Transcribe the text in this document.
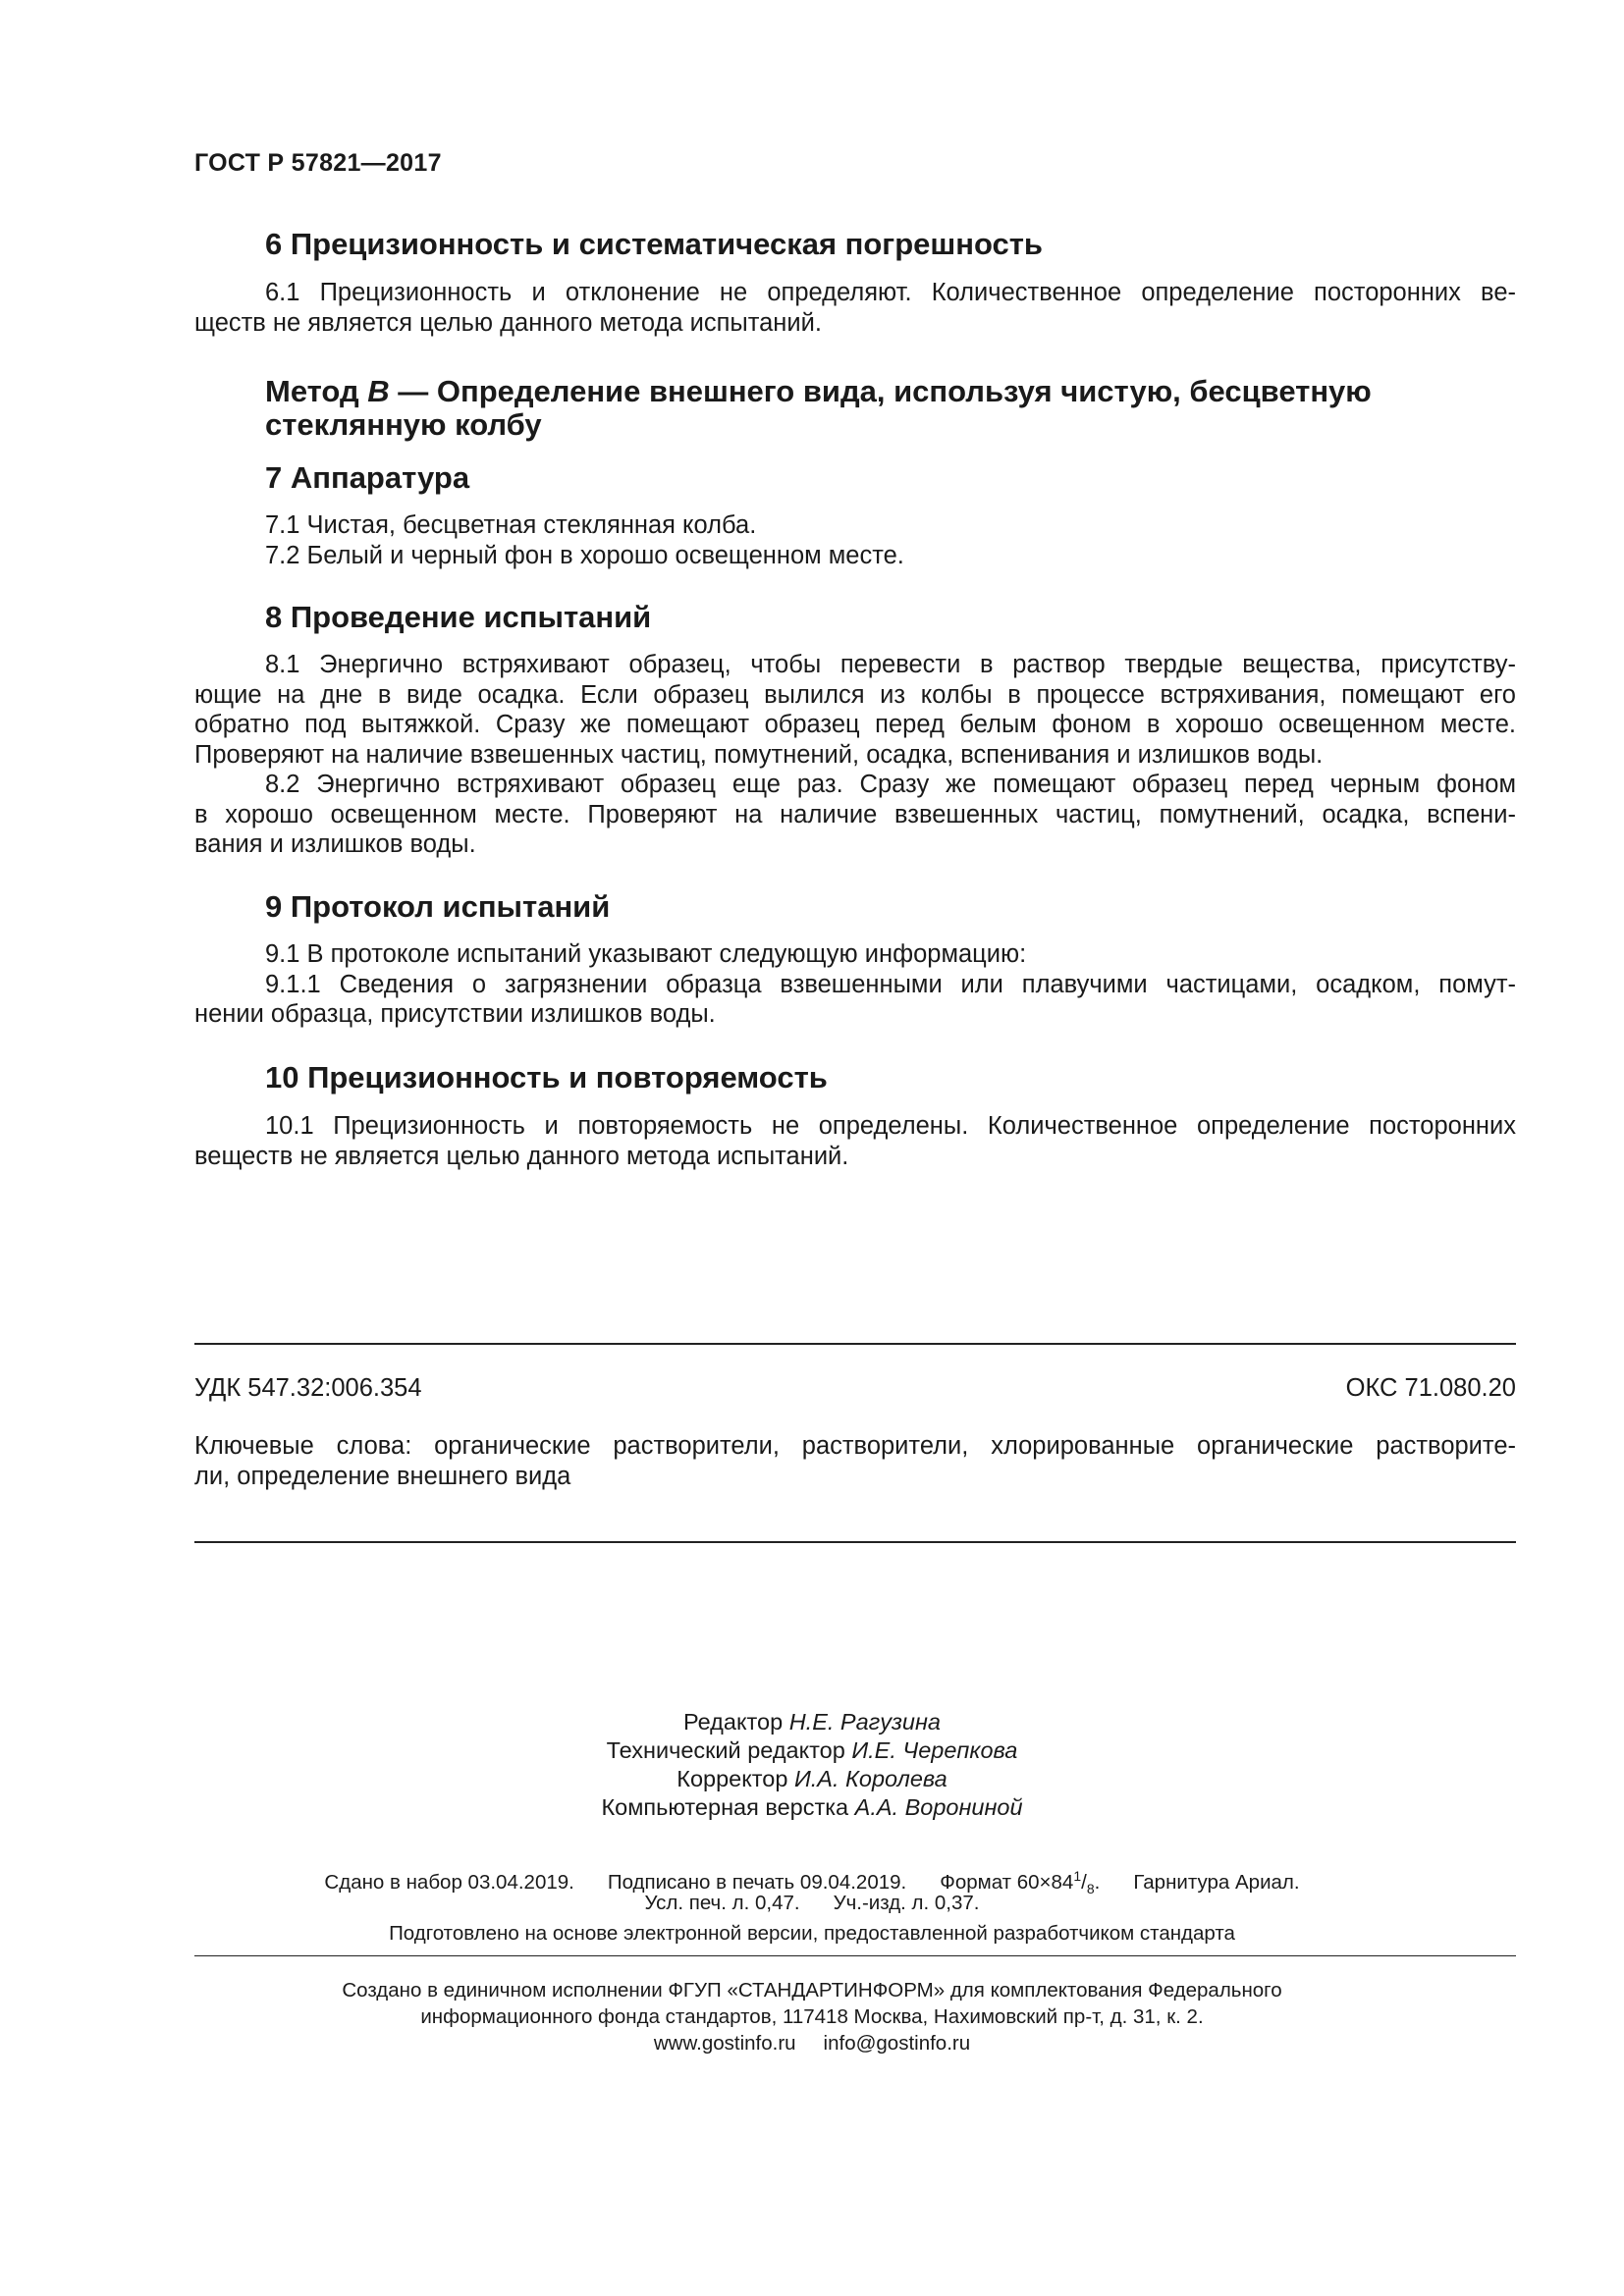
ГОСТ Р 57821—2017
6 Прецизионность и систематическая погрешность
6.1 Прецизионность и отклонение не определяют. Количественное определение посторонних ве-
ществ не является целью данного метода испытаний.
Метод B — Определение внешнего вида, используя чистую, бесцветную
стеклянную колбу
7 Аппаратура
7.1 Чистая, бесцветная стеклянная колба.
7.2 Белый и черный фон в хорошо освещенном месте.
8 Проведение испытаний
8.1 Энергично встряхивают образец, чтобы перевести в раствор твердые вещества, присутству-
ющие на дне в виде осадка. Если образец вылился из колбы в процессе встряхивания, помещают его
обратно под вытяжкой. Сразу же помещают образец перед белым фоном в хорошо освещенном месте.
Проверяют на наличие взвешенных частиц, помутнений, осадка, вспенивания и излишков воды.
8.2 Энергично встряхивают образец еще раз. Сразу же помещают образец перед черным фоном
в хорошо освещенном месте. Проверяют на наличие взвешенных частиц, помутнений, осадка, вспени-
вания и излишков воды.
9 Протокол испытаний
9.1 В протоколе испытаний указывают следующую информацию:
9.1.1 Сведения о загрязнении образца взвешенными или плавучими частицами, осадком, помут-
нении образца, присутствии излишков воды.
10 Прецизионность и повторяемость
10.1 Прецизионность и повторяемость не определены. Количественное определение посторонних
веществ не является целью данного метода испытаний.
УДК 547.32:006.354	ОКС 71.080.20
Ключевые слова: органические растворители, растворители, хлорированные органические растворите-
ли, определение внешнего вида
Редактор Н.Е. Рагузина
Технический редактор И.Е. Черепкова
Корректор И.А. Королева
Компьютерная верстка А.А. Ворониной
Сдано в набор 03.04.2019. Подписано в печать 09.04.2019. Формат $60\times 84^1/_8$. Гарнитура Ариал.
Усл. печ. л. 0,47. Уч.-изд. л. 0,37.
Подготовлено на основе электронной версии, предоставленной разработчиком стандарта
Создано в единичном исполнении ФГУП «СТАНДАРТИНФОРМ» для комплектования Федерального
информационного фонда стандартов, 117418 Москва, Нахимовский пр-т, д. 31, к. 2.
www.gostinfo.ru info@gostinfo.ru
